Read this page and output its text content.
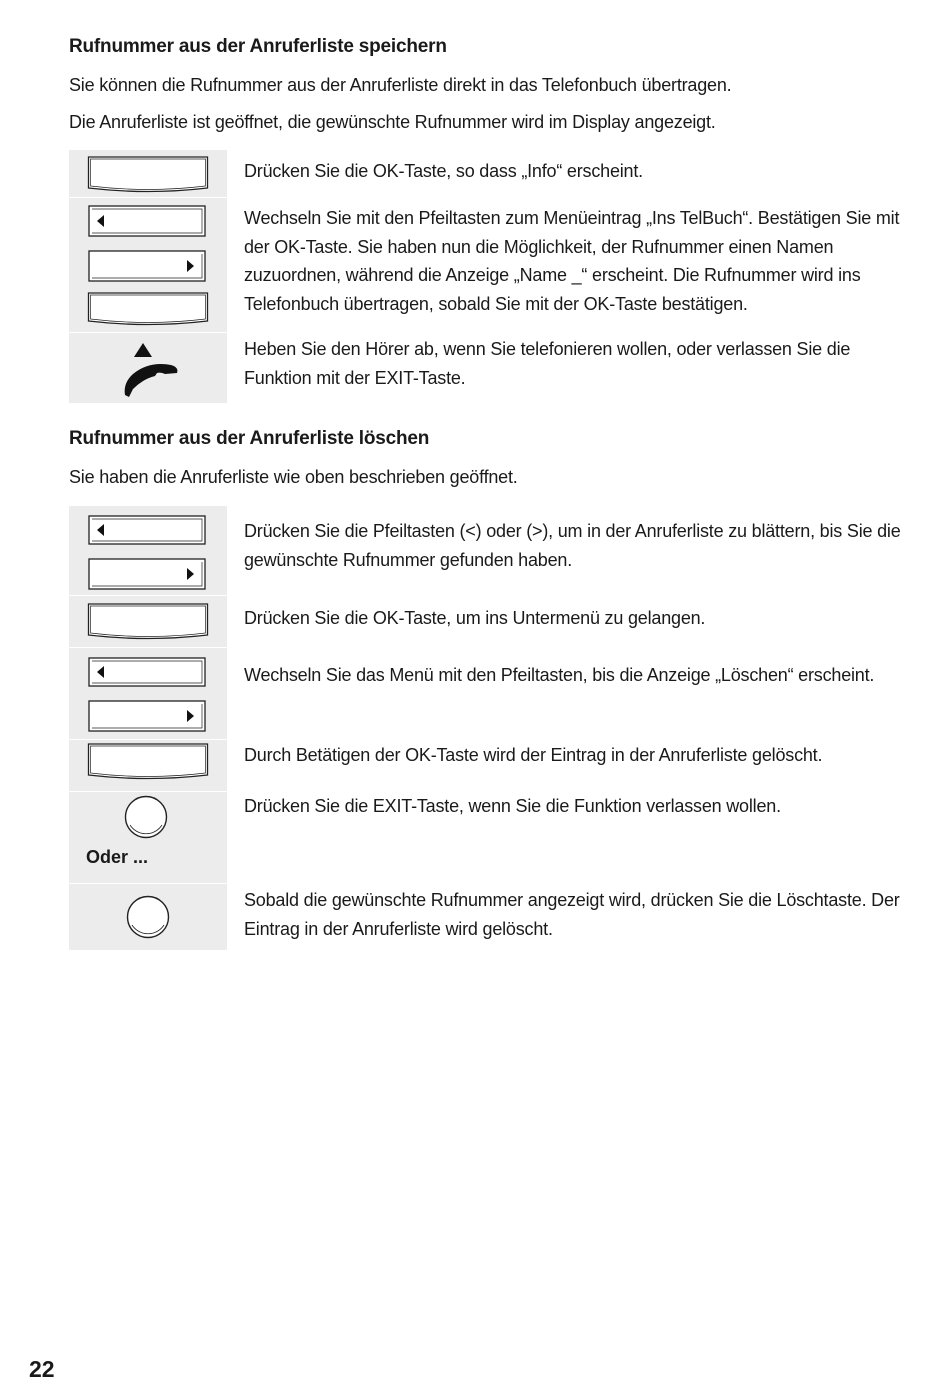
Rufnummer aus der Anruferliste speichern

Sie können die Rufnummer aus der Anruferliste direkt in das Telefonbuch übertragen.

Die Anruferliste ist geöffnet, die gewünschte Rufnummer wird im Display angezeigt.

Drücken Sie die OK-Taste, so dass „Info“ erscheint.

Wechseln Sie mit den Pfeiltasten zum Menüeintrag „Ins TelBuch“. Bestätigen Sie mit der OK-Taste. Sie haben nun die Möglichkeit, der Rufnummer einen Namen zuzuordnen, während die Anzeige „Name _“ erscheint. Die Rufnummer wird ins Telefonbuch übertragen, sobald Sie mit der OK-Taste bestätigen.

Heben Sie den Hörer ab, wenn Sie telefonieren wollen, oder verlassen Sie die Funktion mit der EXIT-Taste.

Rufnummer aus der Anruferliste löschen

Sie haben die Anruferliste wie oben beschrieben geöffnet.

Drücken Sie die Pfeiltasten (<) oder (>), um in der Anruferliste zu blättern, bis Sie die gewünschte Rufnummer gefunden haben.

Drücken Sie die OK-Taste, um ins Untermenü zu gelangen.

Wechseln Sie das Menü mit den Pfeiltasten, bis die Anzeige „Löschen“ erscheint.

Durch Betätigen der OK-Taste wird der Eintrag in der Anruferliste gelöscht.

Oder ...

Drücken Sie die EXIT-Taste, wenn Sie die Funktion verlassen wollen.

Sobald die gewünschte Rufnummer angezeigt wird, drücken Sie die Löschtaste. Der Eintrag in der Anruferliste wird gelöscht.

22
